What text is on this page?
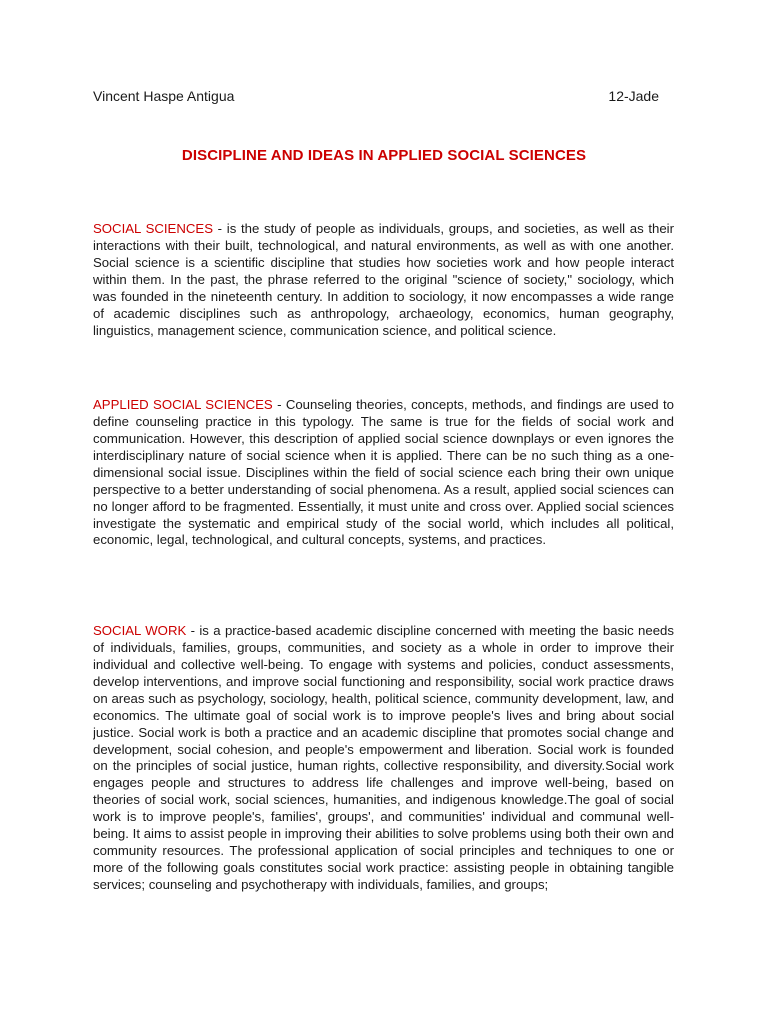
Vincent Haspe Antigua	12-Jade
DISCIPLINE AND IDEAS IN APPLIED SOCIAL SCIENCES

SOCIAL SCIENCES - is the study of people as individuals, groups, and societies, as well as their interactions with their built, technological, and natural environments, as well as with one another. Social science is a scientific discipline that studies how societies work and how people interact within them. In the past, the phrase referred to the original "science of society," sociology, which was founded in the nineteenth century. In addition to sociology, it now encompasses a wide range of academic disciplines such as anthropology, archaeology, economics, human geography, linguistics, management science, communication science, and political science.

APPLIED SOCIAL SCIENCES - Counseling theories, concepts, methods, and findings are used to define counseling practice in this typology. The same is true for the fields of social work and communication. However, this description of applied social science downplays or even ignores the interdisciplinary nature of social science when it is applied. There can be no such thing as a one-dimensional social issue. Disciplines within the field of social science each bring their own unique perspective to a better understanding of social phenomena. As a result, applied social sciences can no longer afford to be fragmented. Essentially, it must unite and cross over. Applied social sciences investigate the systematic and empirical study of the social world, which includes all political, economic, legal, technological, and cultural concepts, systems, and practices.

SOCIAL WORK - is a practice-based academic discipline concerned with meeting the basic needs of individuals, families, groups, communities, and society as a whole in order to improve their individual and collective well-being. To engage with systems and policies, conduct assessments, develop interventions, and improve social functioning and responsibility, social work practice draws on areas such as psychology, sociology, health, political science, community development, law, and economics. The ultimate goal of social work is to improve people's lives and bring about social justice. Social work is both a practice and an academic discipline that promotes social change and development, social cohesion, and people's empowerment and liberation. Social work is founded on the principles of social justice, human rights, collective responsibility, and diversity.Social work engages people and structures to address life challenges and improve well-being, based on theories of social work, social sciences, humanities, and indigenous knowledge.The goal of social work is to improve people's, families', groups', and communities' individual and communal well-being. It aims to assist people in improving their abilities to solve problems using both their own and community resources. The professional application of social principles and techniques to one or more of the following goals constitutes social work practice: assisting people in obtaining tangible services; counseling and psychotherapy with individuals, families, and groups;
